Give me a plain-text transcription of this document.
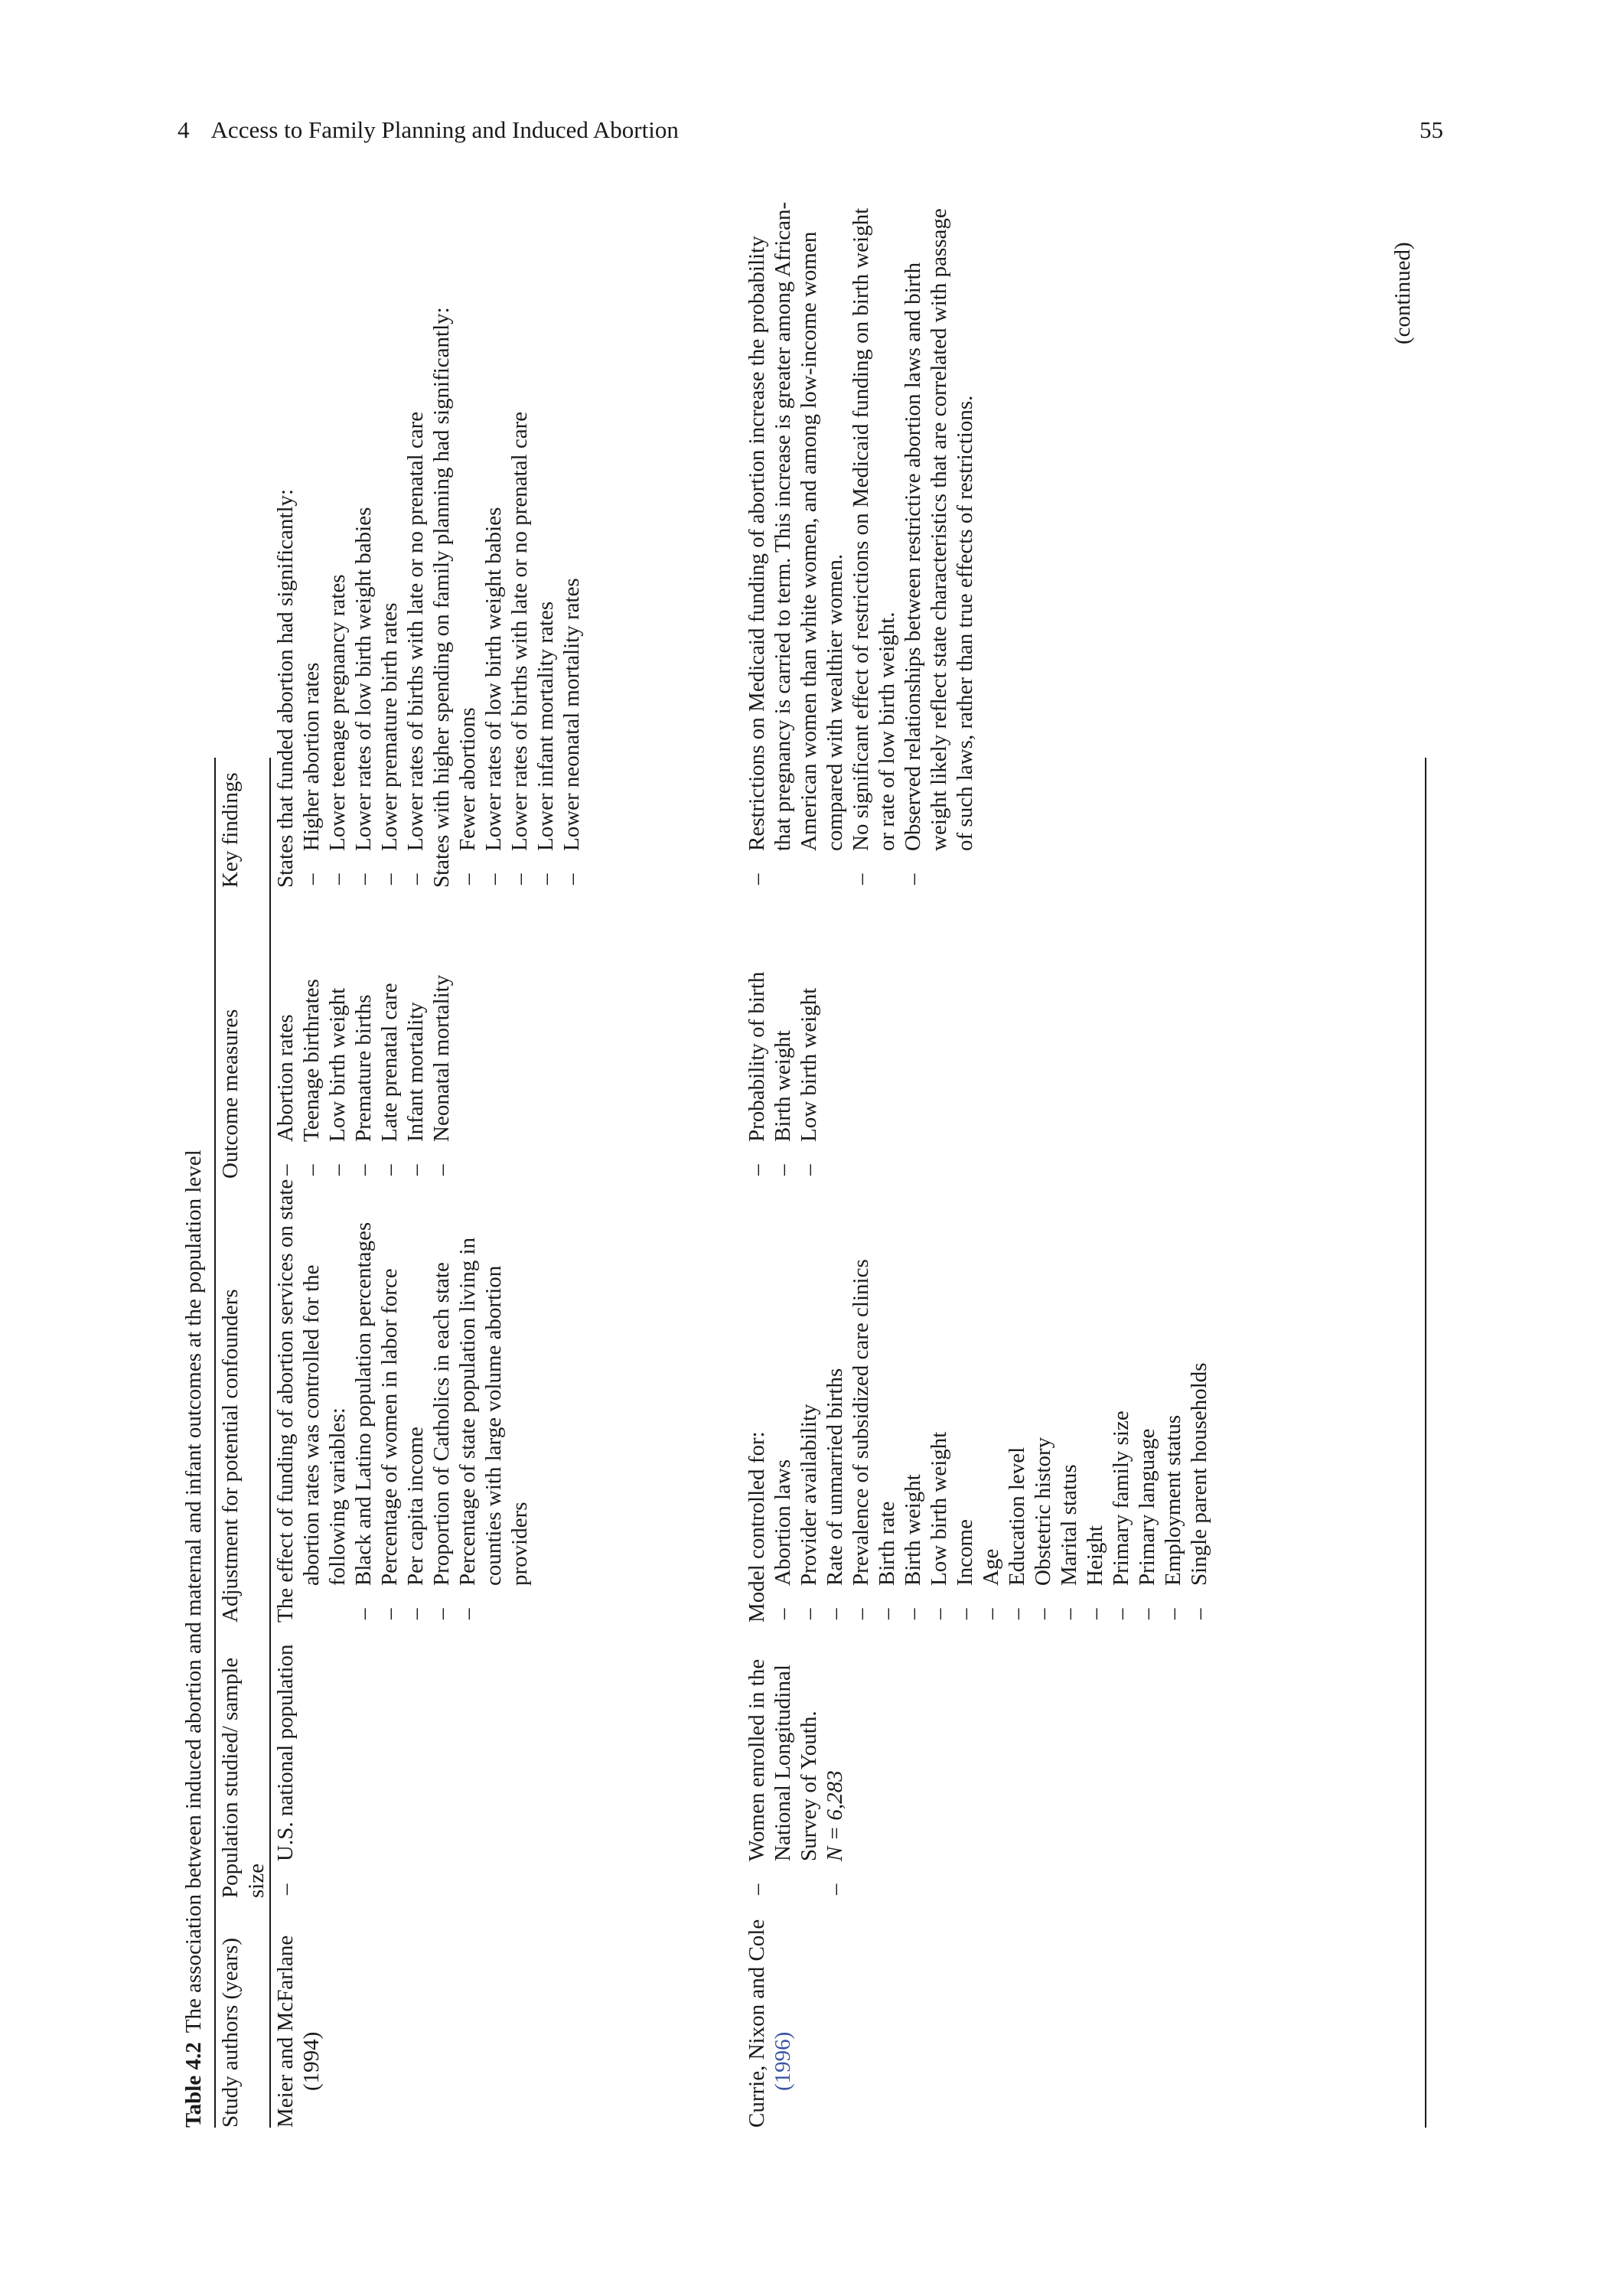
4 Access to Family Planning and Induced Abortion	55
Table 4.2The association between induced abortion and maternal and infant outcomes at the population level Study authors (years)
Population studied/ sample size
Adjustment for potential confounders
Outcome measures
Key findings

Meier and McFarlane (1994)

– U.S. national population

The effect of funding of abortion services on state abortion rates was controlled for the following variables: – Black and Latino population percentages – Percentage of women in labor force – Per capita income – Proportion of Catholics in each state – Percentage of state population living in counties with large volume abortion providers
– Abortion rates – Teenage birthrates – Low birth weight – Premature births – Late prenatal care – Infant mortality – Neonatal mortality

States that funded abortion had significantly: – Higher abortion rates – Lower teenage pregnancy rates – Lower rates of low birth weight babies – Lower premature birth rates – Lower rates of births with late or no prenatal care States with higher spending on family planning had significantly: – Fewer abortions – Lower rates of low birth weight babies – Lower rates of births with late or no prenatal care – Lower infant mortality rates – Lower neonatal mortality rates

Currie, Nixon and Cole (1996)

– Women enrolled in the National Longitudinal Survey of Youth. – N = 6,283

Model controlled for: – Abortion laws – Provider availability – Rate of unmarried births – Prevalence of subsidized care clinics – Birth rate – Birth weight – Low birth weight – Income – Age – Education level – Obstetric history – Marital status – Height – Primary family size – Primary language – Employment status – Single parent households
– Probability of birth – Birth weight – Low birth weight
– Restrictions on Medicaid funding of abortion increase the probability that pregnancy is carried to term. This increase is greater among African-American women than white women, and among low-income women compared with wealthier women. – No significant effect of restrictions on Medicaid funding on birth weight or rate of low birth weight. – Observed relationships between restrictive abortion laws and birth weight likely reflect state characteristics that are correlated with passage of such laws, rather than true effects of restrictions.
(continued)
